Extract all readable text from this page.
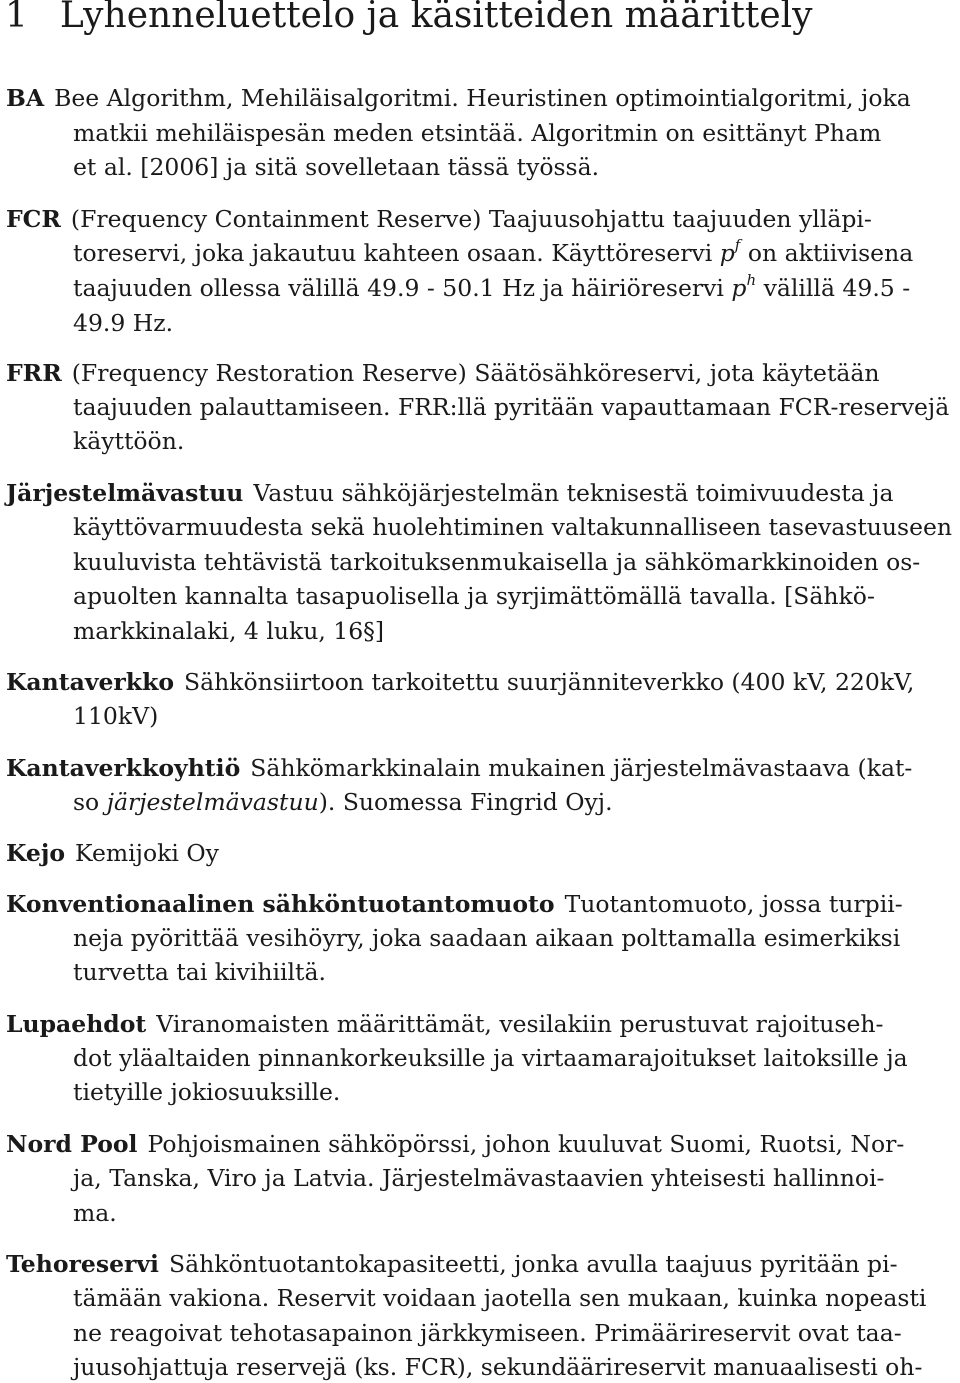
1 Lyhenneluettelo ja käsitteiden määrittely
BA Bee Algorithm, Mehiläisalgoritmi. Heuristinen optimointialgoritmi, joka
matkii mehiläispesän meden etsintää. Algoritmin on esittänyt Pham
et al. [2006] ja sitä sovelletaan tässä työssä.
FCR (Frequency Containment Reserve) Taajuusohjattu taajuuden ylläpi-
toreservi, joka jakautuu kahteen osaan. Käyttöreservi $p^f$ on aktiivisena
taajuuden ollessa välillä 49.9 - 50.1 Hz ja häiriöreservi $p^h$ välillä 49.5 -
49.9 Hz.
FRR (Frequency Restoration Reserve) Säätösähköreservi, jota käytetään
taajuuden palauttamiseen. FRR:llä pyritään vapauttamaan FCR-reservejä
käyttöön.
Järjestelmävastuu Vastuu sähköjärjestelmän teknisestä toimivuudesta ja
käyttövarmuudesta sekä huolehtiminen valtakunnalliseen tasevastuuseen
kuuluvista tehtävistä tarkoituksenmukaisella ja sähkömarkkinoiden os-
apuolten kannalta tasapuolisella ja syrjimättömällä tavalla. [Sähkö-
markkinalaki, 4 luku, 16§]
Kantaverkko Sähkönsiirtoon tarkoitettu suurjänniteverkko (400 kV, 220kV,
110kV)
Kantaverkkoyhtiö Sähkömarkkinalain mukainen järjestelmävastaava (kat-
so järjestelmävastuu). Suomessa Fingrid Oyj.
Kejo Kemijoki Oy
Konventionaalinen sähköntuotantomuoto Tuotantomuoto, jossa turpii-
neja pyörittää vesihöyry, joka saadaan aikaan polttamalla esimerkiksi
turvetta tai kivihiiltä.
Lupaehdot Viranomaisten määrittämät, vesilakiin perustuvat rajoituseh-
dot yläaltaiden pinnankorkeuksille ja virtaamarajoitukset laitoksille ja
tietyille jokiosuuksille.
Nord Pool Pohjoismainen sähköpörssi, johon kuuluvat Suomi, Ruotsi, Nor-
ja, Tanska, Viro ja Latvia. Järjestelmävastaavien yhteisesti hallinnoi-
ma.
Tehoreservi Sähköntuotantokapasiteetti, jonka avulla taajuus pyritään pi-
tämään vakiona. Reservit voidaan jaotella sen mukaan, kuinka nopeasti
ne reagoivat tehotasapainon järkkymiseen. Primäärireservit ovat taa-
juusohjattuja reservejä (ks. FCR), sekundäärireservit manuaalisesti oh-
